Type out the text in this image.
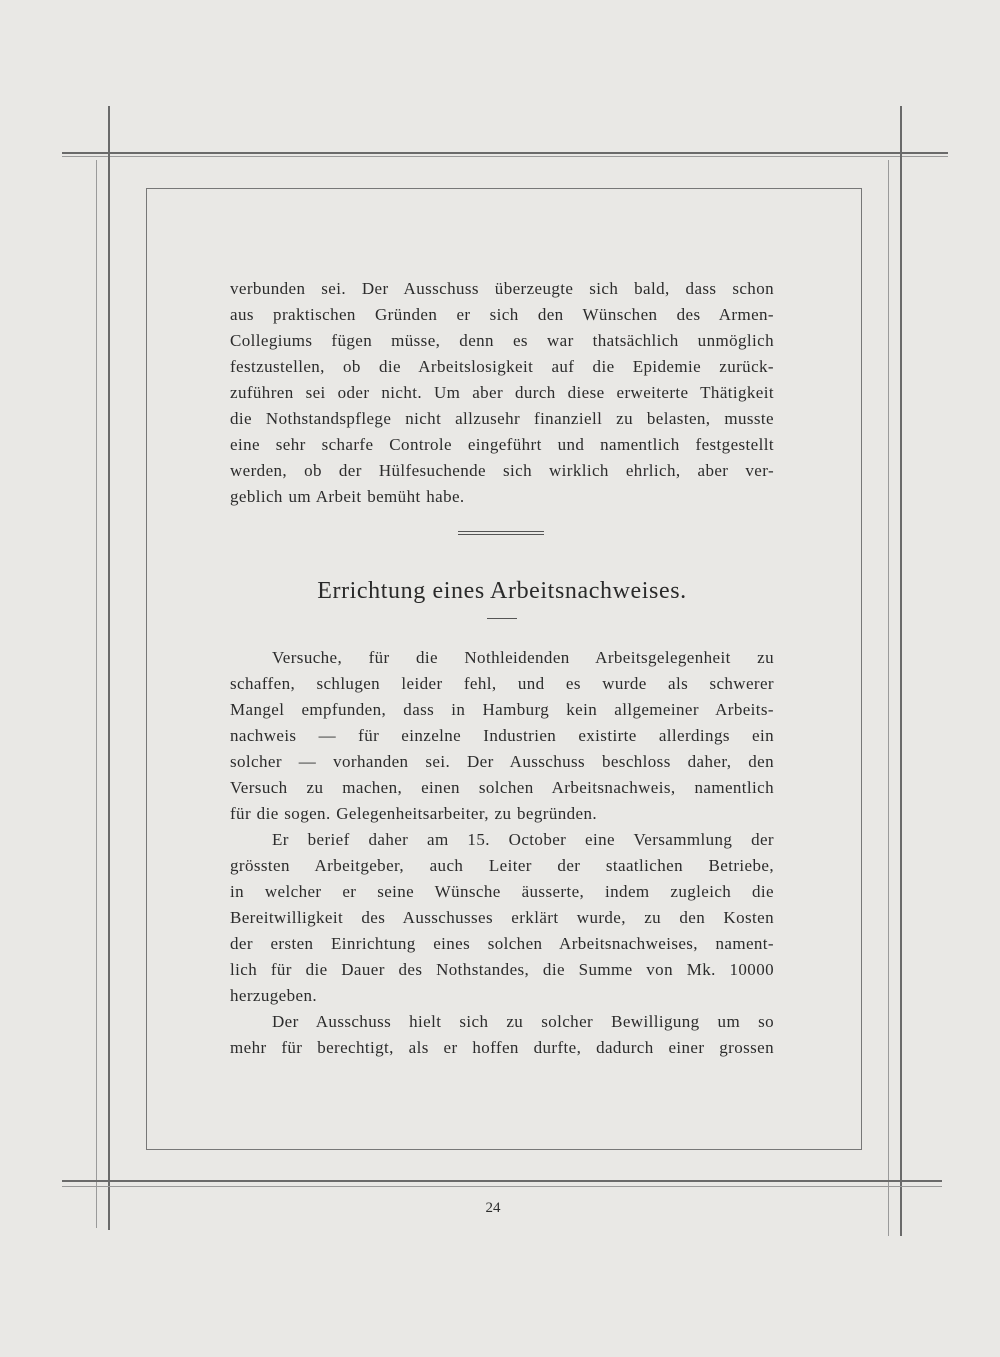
verbunden sei. Der Ausschuss überzeugte sich bald, dass schon
aus praktischen Gründen er sich den Wünschen des Armen-
Collegiums fügen müsse, denn es war thatsächlich unmöglich
festzustellen, ob die Arbeitslosigkeit auf die Epidemie zurück-
zuführen sei oder nicht. Um aber durch diese erweiterte Thätigkeit
die Nothstandspflege nicht allzusehr finanziell zu belasten, musste
eine sehr scharfe Controle eingeführt und namentlich festgestellt
werden, ob der Hülfesuchende sich wirklich ehrlich, aber ver-
geblich um Arbeit bemüht habe.
Errichtung eines Arbeitsnachweises.
Versuche, für die Nothleidenden Arbeitsgelegenheit zu
schaffen, schlugen leider fehl, und es wurde als schwerer
Mangel empfunden, dass in Hamburg kein allgemeiner Arbeits-
nachweis — für einzelne Industrien existirte allerdings ein
solcher — vorhanden sei. Der Ausschuss beschloss daher, den
Versuch zu machen, einen solchen Arbeitsnachweis, namentlich
für die sogen. Gelegenheitsarbeiter, zu begründen.
Er berief daher am 15. October eine Versammlung der
grössten Arbeitgeber, auch Leiter der staatlichen Betriebe,
in welcher er seine Wünsche äusserte, indem zugleich die
Bereitwilligkeit des Ausschusses erklärt wurde, zu den Kosten
der ersten Einrichtung eines solchen Arbeitsnachweises, nament-
lich für die Dauer des Nothstandes, die Summe von Mk. 10000
herzugeben.
Der Ausschuss hielt sich zu solcher Bewilligung um so
mehr für berechtigt, als er hoffen durfte, dadurch einer grossen
24
